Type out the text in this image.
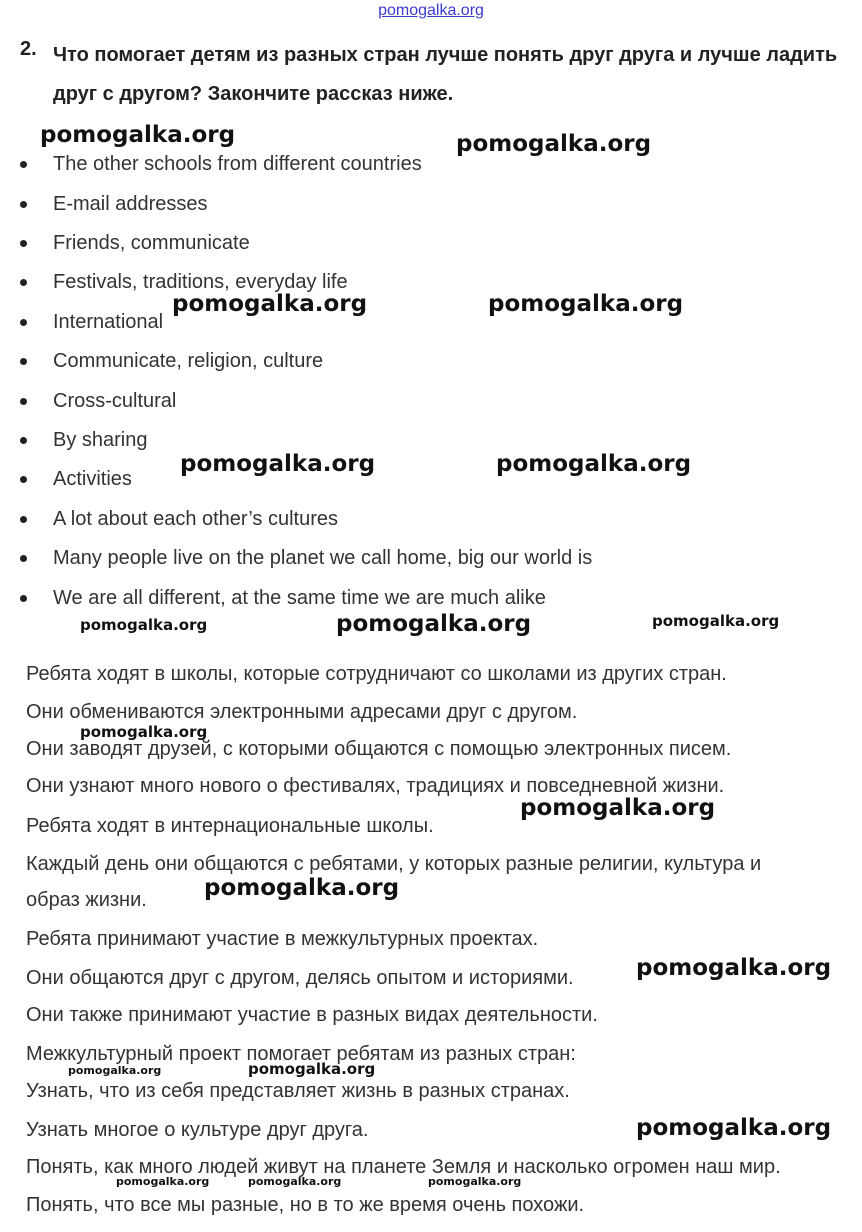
pomogalka.org
2. Что помогает детям из разных стран лучше понять друг друга и лучше ладить друг с другом? Закончите рассказ ниже.
The other schools from different countries
E-mail addresses
Friends, communicate
Festivals, traditions, everyday life
International
Communicate, religion, culture
Cross-cultural
By sharing
Activities
A lot about each other’s cultures
Many people live on the planet we call home, big our world is
We are all different, at the same time we are much alike
Ребята ходят в школы, которые сотрудничают со школами из других стран.
Они обмениваются электронными адресами друг с другом.
Они заводят друзей, с которыми общаются с помощью электронных писем.
Они узнают много нового о фестивалях, традициях и повседневной жизни.
Ребята ходят в интернациональные школы.
Каждый день они общаются с ребятами, у которых разные религии, культура и
образ жизни.
Ребята принимают участие в межкультурных проектах.
Они общаются друг с другом, делясь опытом и историями.
Они также принимают участие в разных видах деятельности.
Межкультурный проект помогает ребятам из разных стран:
Узнать, что из себя представляет жизнь в разных странах.
Узнать многое о культуре друг друга.
Понять, как много людей живут на планете Земля и насколько огромен наш мир.
Понять, что все мы разные, но в то же время очень похожи.
pomogalka.org	pomogalka.org
pomogalka.org	pomogalka.org
pomogalka.org	pomogalka.org
pomogalka.org	pomogalka.org	pomogalka.org
pomogalka.org
pomogalka.org
pomogalka.org
pomogalka.org
pomogalka.org	pomogalka.org
pomogalka.org
pomogalka.org	pomogalka.org	pomogalka.org
